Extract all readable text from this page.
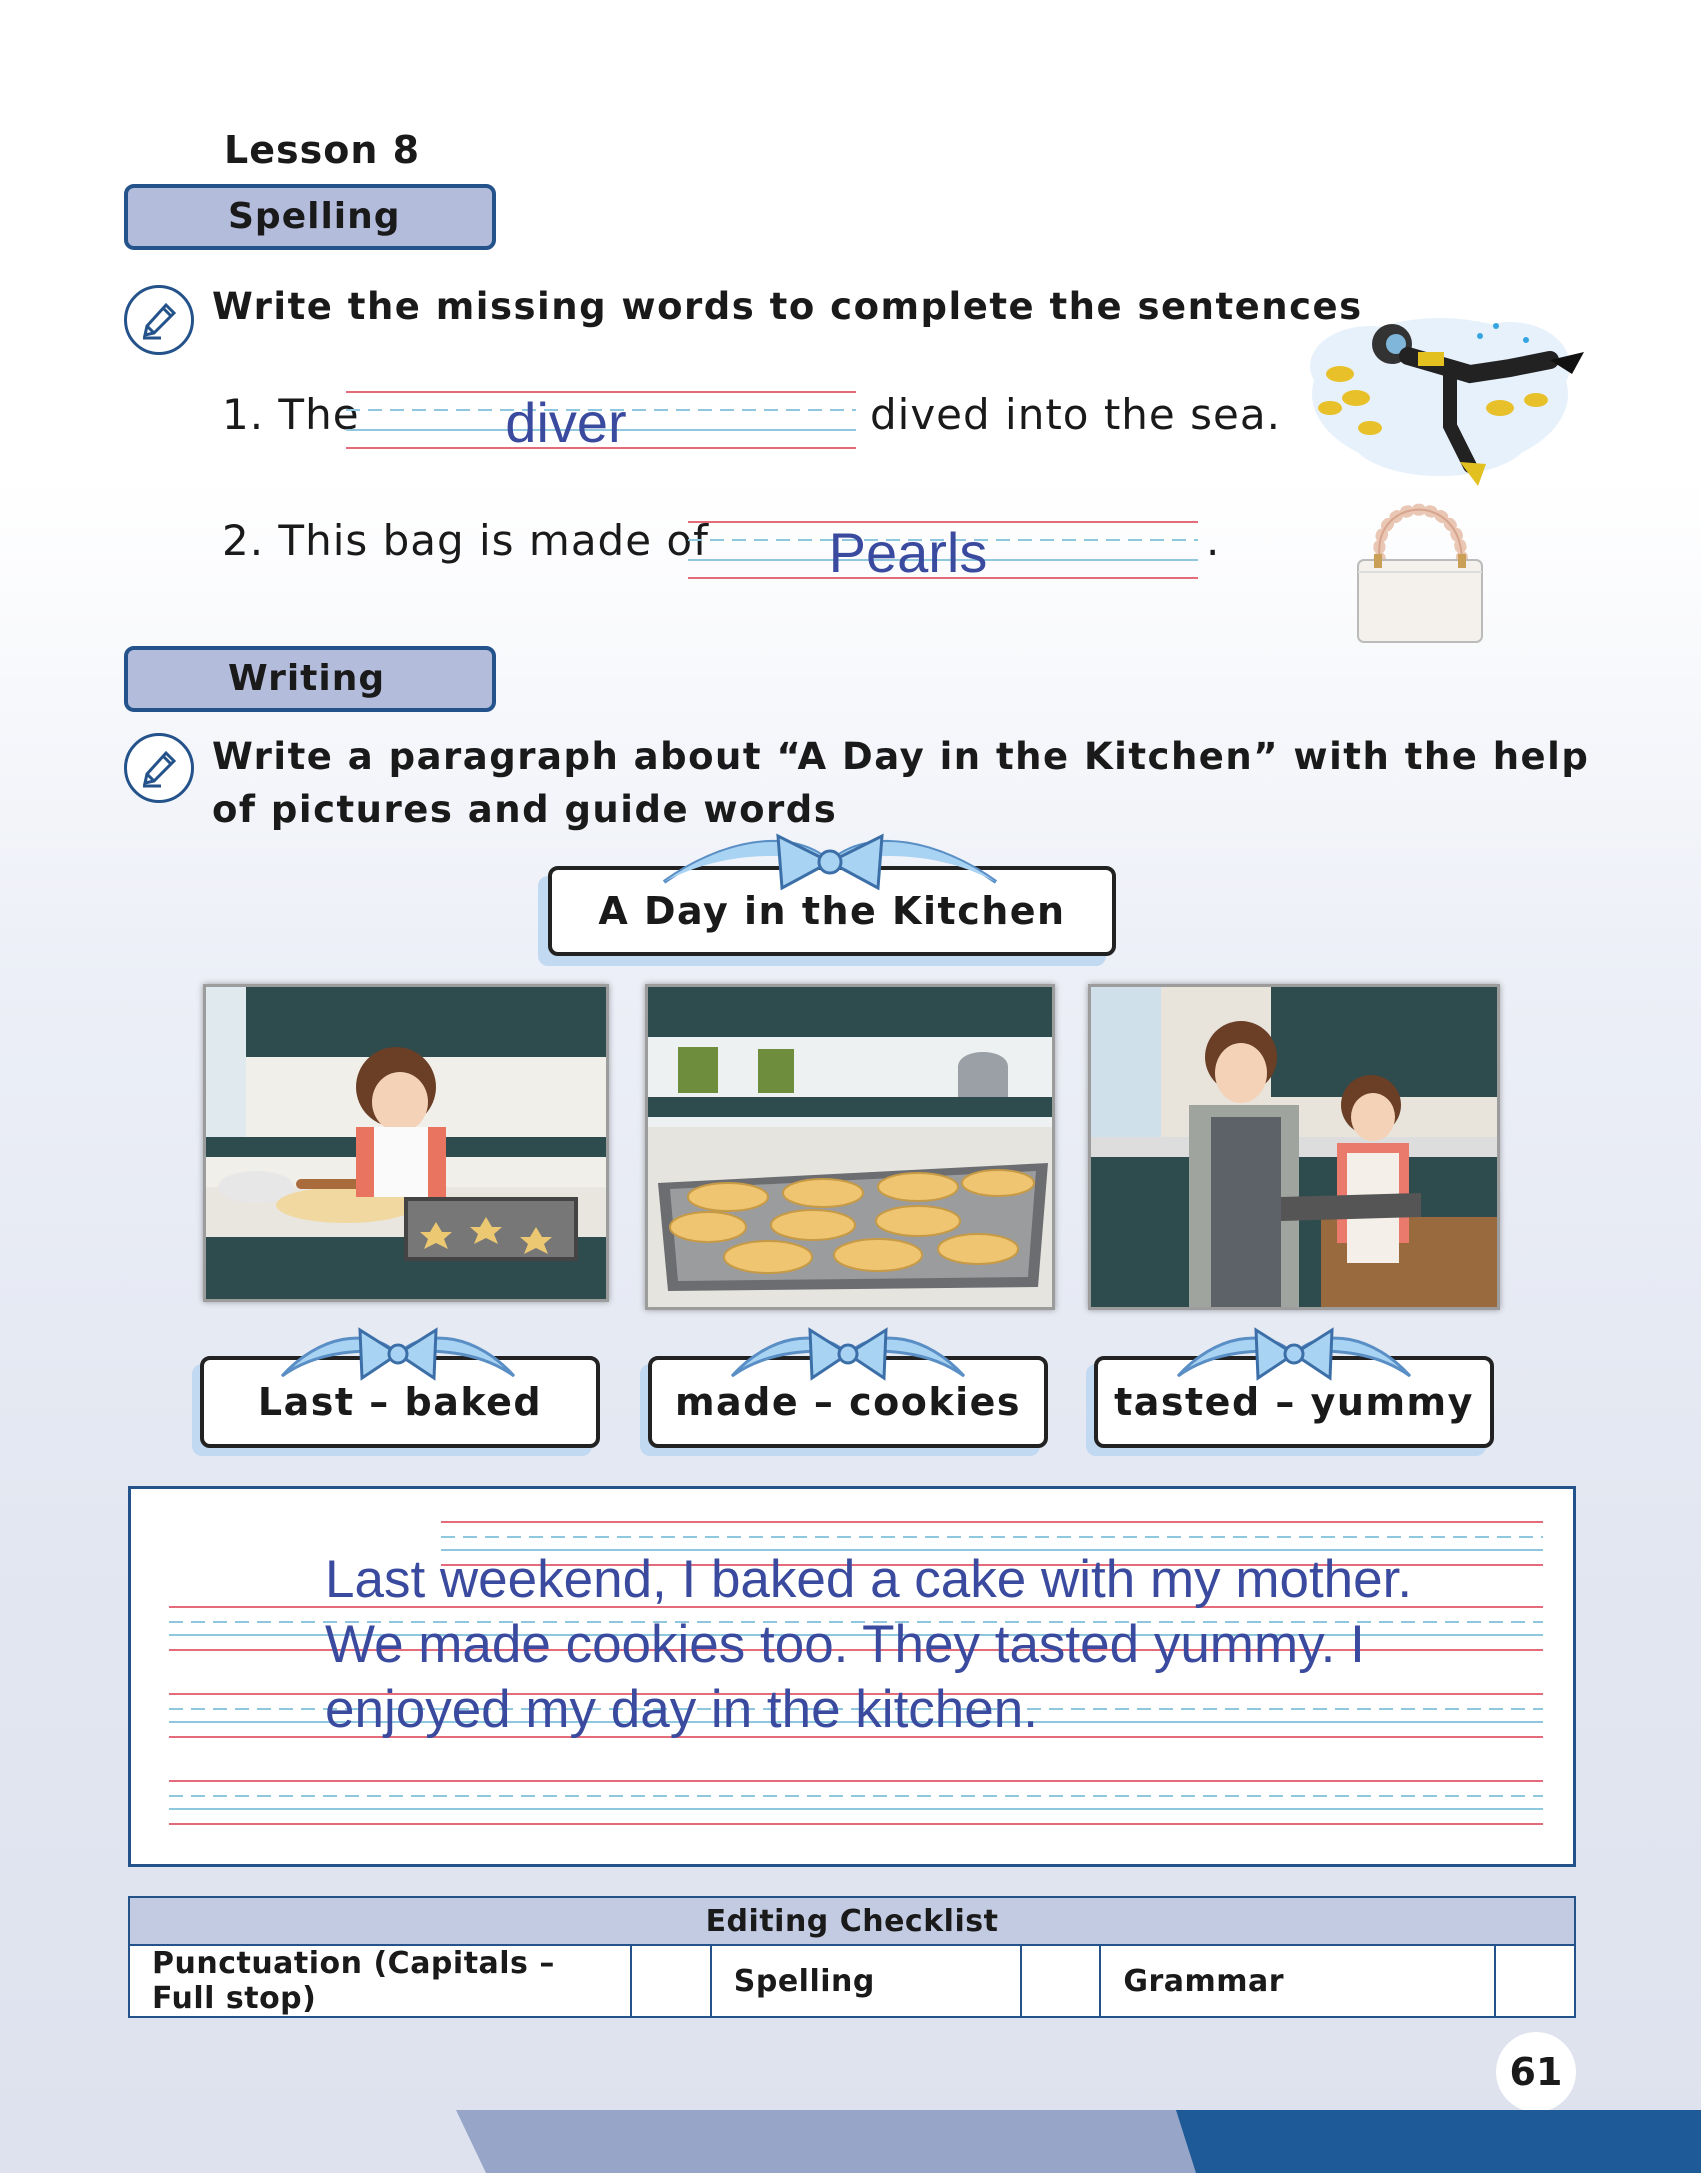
Lesson 8
Spelling
Write the missing words to complete the sentences
1. The	diver	dived into the sea.
2. This bag is made of	Pearls	.
Writing
Write a paragraph about “A Day in the Kitchen” with the help of pictures and guide words
A Day in the Kitchen
Last – baked	made – cookies	tasted – yummy
Last weekend, I baked a cake with my mother.
We made cookies too. They tasted yummy. I
enjoyed my day in the kitchen.
Editing Checklist
Punctuation (Capitals – Full stop)		Spelling		Grammar	
61
